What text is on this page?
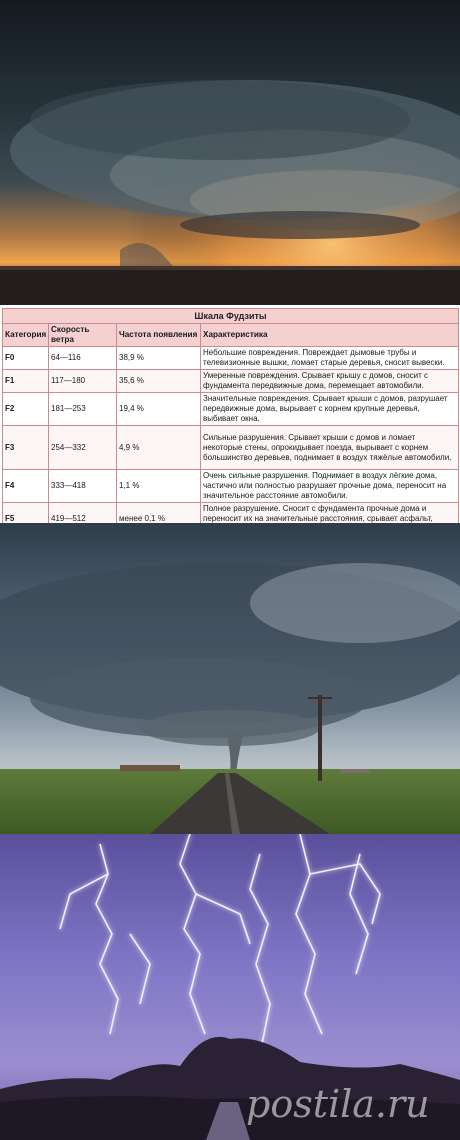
Шкала Фудзиты
Категория	Скорость ветра	Частота появления	Характеристика
F0	64—116	38,9 %	Небольшие повреждения. Повреждает дымовые трубы и телевизионные вышки, ломает старые деревья, сносит вывески.
F1	117—180	35,6 %	Умеренные повреждения. Срывает крышу с домов, сносит с фундамента передвижные дома, перемещает автомобили.
F2	181—253	19,4 %	Значительные повреждения. Срывает крыши с домов, разрушает передвижные дома, вырывает с корнем крупные деревья, выбивает окна.
F3	254—332	4,9 %	Сильные разрушения. Срывает крыши с домов и ломает некоторые стены, опрокидывает поезда, вырывает с корнем большинство деревьев, поднимает в воздух тяжёлые автомобили.
F4	333—418	1,1 %	Очень сильные разрушения. Поднимает в воздух лёгкие дома, частично или полностью разрушает прочные дома, переносит на значительное расстояние автомобили.
F5	419—512	менее 0,1 %	Полное разрушение. Сносит с фундамента прочные дома и переносит их на значительные расстояния, срывает асфальт,
postila.ru
